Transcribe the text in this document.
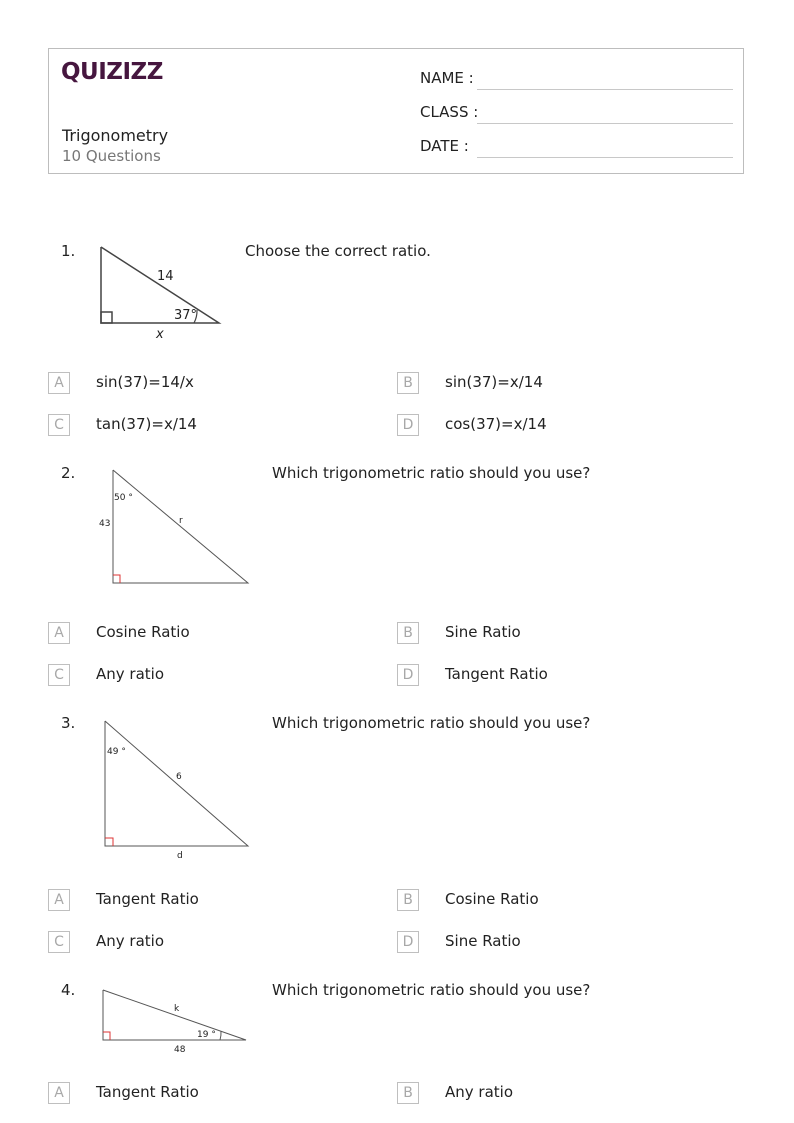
QUIZIZZ
Trigonometry
10 Questions
NAME :
CLASS :
DATE :
1.
14
37°
x
Choose the correct ratio.
A	sin(37)=14/x	B	sin(37)=x/14
C	tan(37)=x/14	D	cos(37)=x/14
2.
50 °
43	r
Which trigonometric ratio should you use?
A	Cosine Ratio	B	Sine Ratio
C	Any ratio	D	Tangent Ratio
3.
49 °
6
d
Which trigonometric ratio should you use?
A	Tangent Ratio	B	Cosine Ratio
C	Any ratio	D	Sine Ratio
4.
k
19 °
48
Which trigonometric ratio should you use?
A	Tangent Ratio	B	Any ratio
